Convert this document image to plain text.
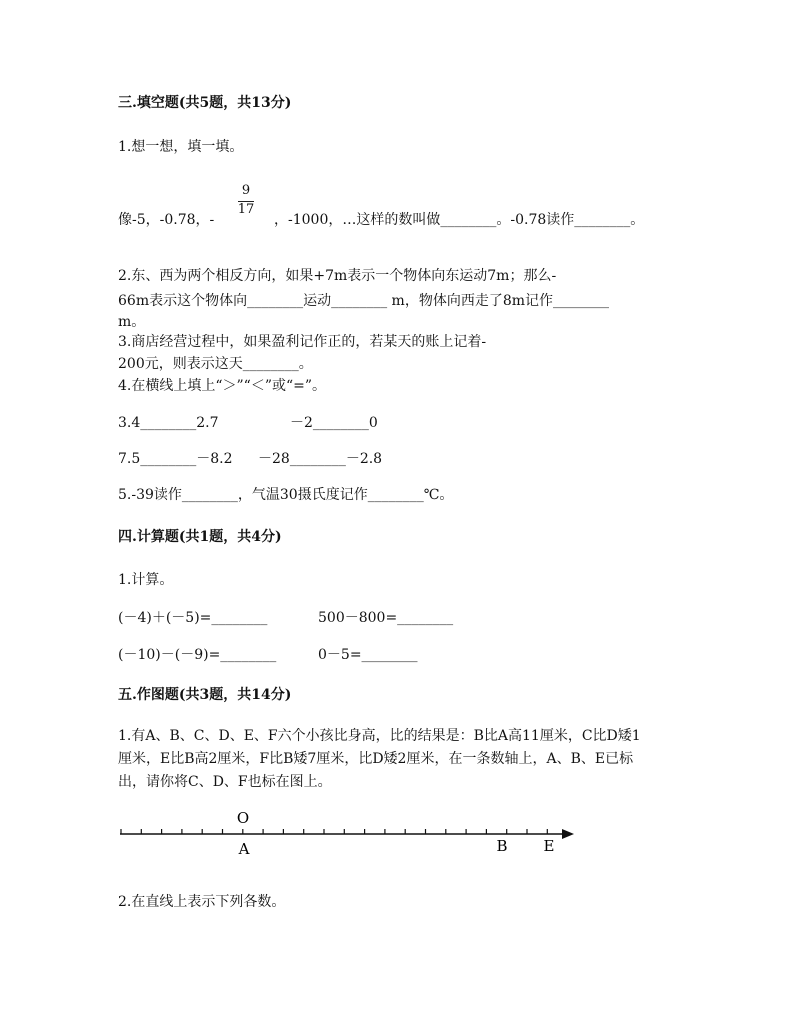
三.填空题(共5题，共13分)
1.想一想，填一填。
9
17
像-5，-0.78，-	，-1000，…这样的数叫做________。-0.78读作________。
2.东、西为两个相反方向，如果+7m表示一个物体向东运动7m；那么-
66m表示这个物体向________运动________ m，物体向西走了8m记作________
m。
3.商店经营过程中，如果盈利记作正的，若某天的账上记着-
200元，则表示这天________。
4.在横线上填上“＞”“＜”或“=”。
3.4________2.7	－2________0
7.5________－8.2 －28________－2.8
5.-39读作________，气温30摄氏度记作________℃。
四.计算题(共1题，共4分)
1.计算。
(－4)＋(－5)=________	500－800=________
(－10)－(－9)=________	0－5=________
五.作图题(共3题，共14分)
1.有A、B、C、D、E、F六个小孩比身高，比的结果是：B比A高11厘米，C比D矮1
厘米，E比B高2厘米，F比B矮7厘米，比D矮2厘米，在一条数轴上，A、B、E已标
出，请你将C、D、F也标在图上。
O
A	B E
2.在直线上表示下列各数。
